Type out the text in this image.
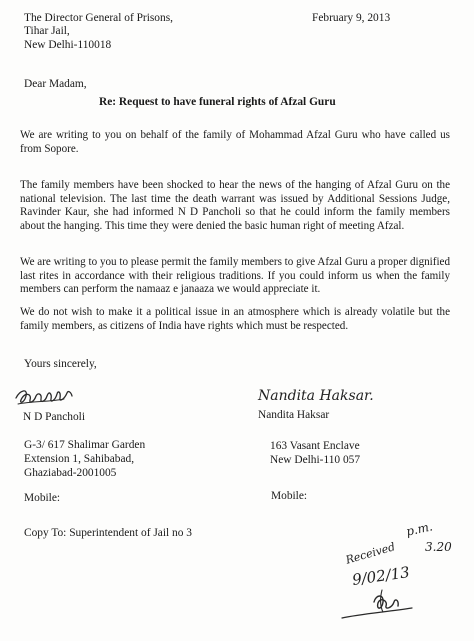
The Director General of Prisons,
Tihar Jail,
New Delhi-110018
February 9, 2013
Dear Madam,
Re: Request to have funeral rights of Afzal Guru
We are writing to you on behalf of the family of Mohammad Afzal Guru who have called us from Sopore.
The family members have been shocked to hear the news of the hanging of Afzal Guru on the national television. The last time the death warrant was issued by Additional Sessions Judge, Ravinder Kaur, she had informed N D Pancholi so that he could inform the family members about the hanging. This time they were denied the basic human right of meeting Afzal.
We are writing to you to please permit the family members to give Afzal Guru a proper dignified last rites in accordance with their religious traditions. If you could inform us when the family members can perform the namaaz e janaaza we would appreciate it.
We do not wish to make it a political issue in an atmosphere which is already volatile but the family members, as citizens of India have rights which must be respected.
Yours sincerely,
N D Pancholi
Nandita Haksar.
Nandita Haksar
G-3/ 617 Shalimar Garden
Extension 1, Sahibabad,
Ghaziabad-2001005
163 Vasant Enclave
New Delhi-110 057
Mobile:	Mobile:
Copy To: Superintendent of Jail no 3	p.m.
3.20
Received
9/02/13
